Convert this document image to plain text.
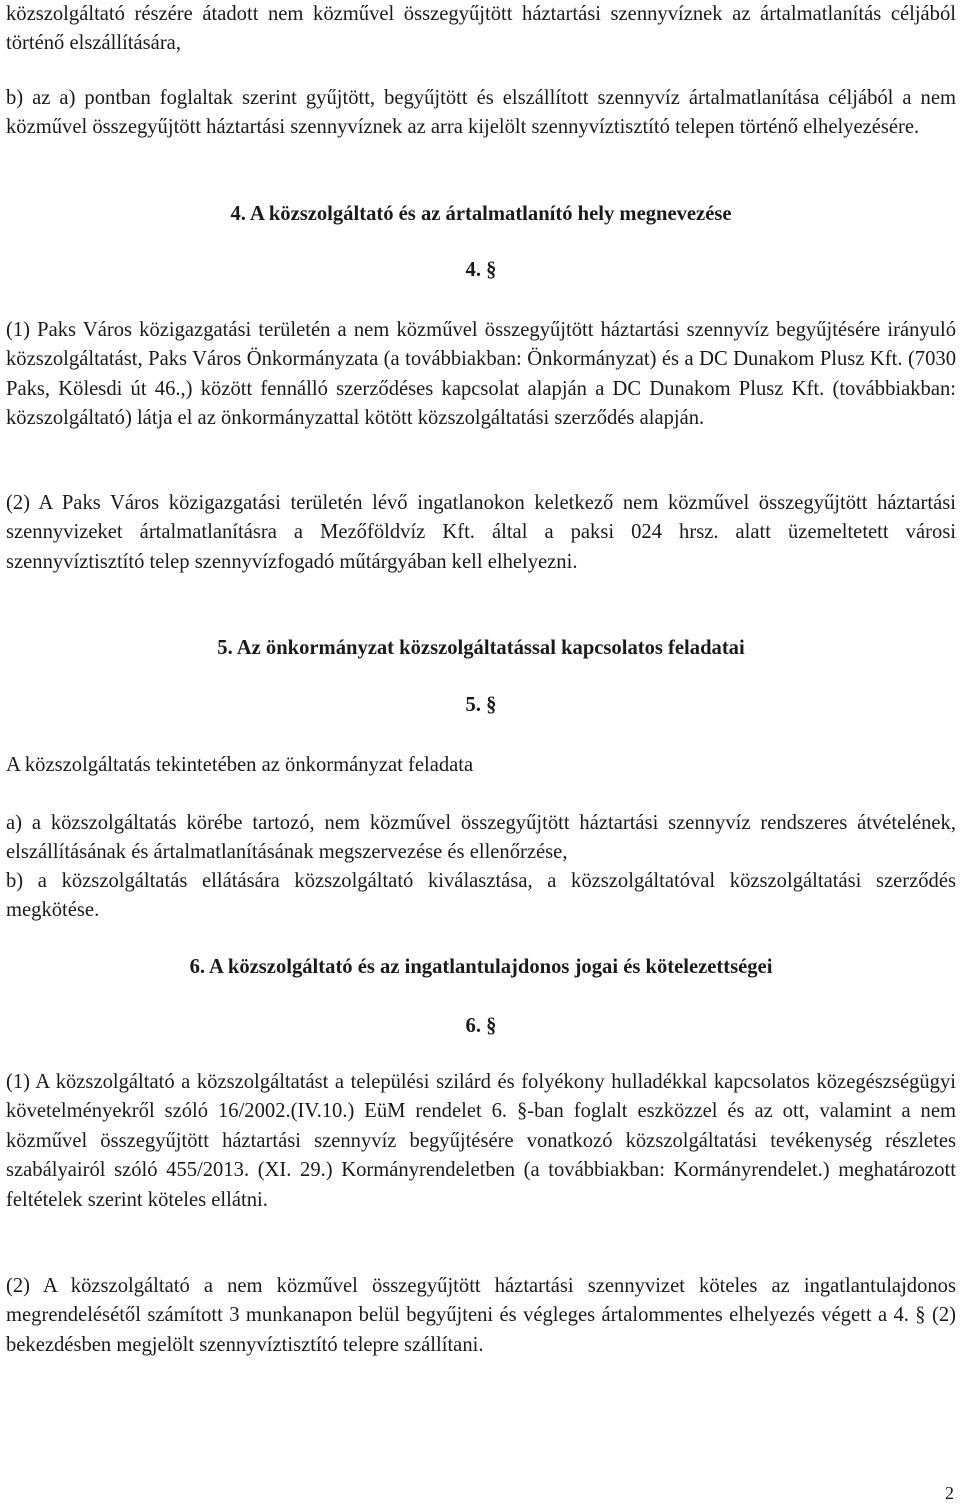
közszolgáltató részére átadott nem közművel összegyűjtött háztartási szennyvíznek az ártalmatlanítás céljából történő elszállítására,

b) az a) pontban foglaltak szerint gyűjtött, begyűjtött és elszállított szennyvíz ártalmatlanítása céljából a nem közművel összegyűjtött háztartási szennyvíznek az arra kijelölt szennyvíztisztító telepen történő elhelyezésére.

4. A közszolgáltató és az ártalmatlanító hely megnevezése
4. §

(1) Paks Város közigazgatási területén a nem közművel összegyűjtött háztartási szennyvíz begyűjtésére irányuló közszolgáltatást, Paks Város Önkormányzata (a továbbiakban: Önkormányzat) és a DC Dunakom Plusz Kft. (7030 Paks, Kölesdi út 46.,) között fennálló szerződéses kapcsolat alapján a DC Dunakom Plusz Kft. (továbbiakban: közszolgáltató) látja el az önkormányzattal kötött közszolgáltatási szerződés alapján.

(2) A Paks Város közigazgatási területén lévő ingatlanokon keletkező nem közművel összegyűjtött háztartási szennyvizeket ártalmatlanításra a Mezőföldvíz Kft. által a paksi 024 hrsz. alatt üzemeltetett városi szennyvíztisztító telep szennyvízfogadó műtárgyában kell elhelyezni.

5. Az önkormányzat közszolgáltatással kapcsolatos feladatai
5. §

A közszolgáltatás tekintetében az önkormányzat feladata

a) a közszolgáltatás körébe tartozó, nem közművel összegyűjtött háztartási szennyvíz rendszeres átvételének, elszállításának és ártalmatlanításának megszervezése és ellenőrzése,

b) a közszolgáltatás ellátására közszolgáltató kiválasztása, a közszolgáltatóval közszolgáltatási szerződés megkötése.

6. A közszolgáltató és az ingatlantulajdonos jogai és kötelezettségei
6. §

(1) A közszolgáltató a közszolgáltatást a települési szilárd és folyékony hulladékkal kapcsolatos közegészségügyi követelményekről szóló 16/2002.(IV.10.) EüM rendelet 6. §-ban foglalt eszközzel és az ott, valamint a nem közművel összegyűjtött háztartási szennyvíz begyűjtésére vonatkozó közszolgáltatási tevékenység részletes szabályairól szóló 455/2013. (XI. 29.) Kormányrendeletben (a továbbiakban: Kormányrendelet.) meghatározott feltételek szerint köteles ellátni.

(2) A közszolgáltató a nem közművel összegyűjtött háztartási szennyvizet köteles az ingatlantulajdonos megrendelésétől számított 3 munkanapon belül begyűjteni és végleges ártalommentes elhelyezés végett a 4. § (2) bekezdésben megjelölt szennyvíztisztító telepre szállítani.

2
